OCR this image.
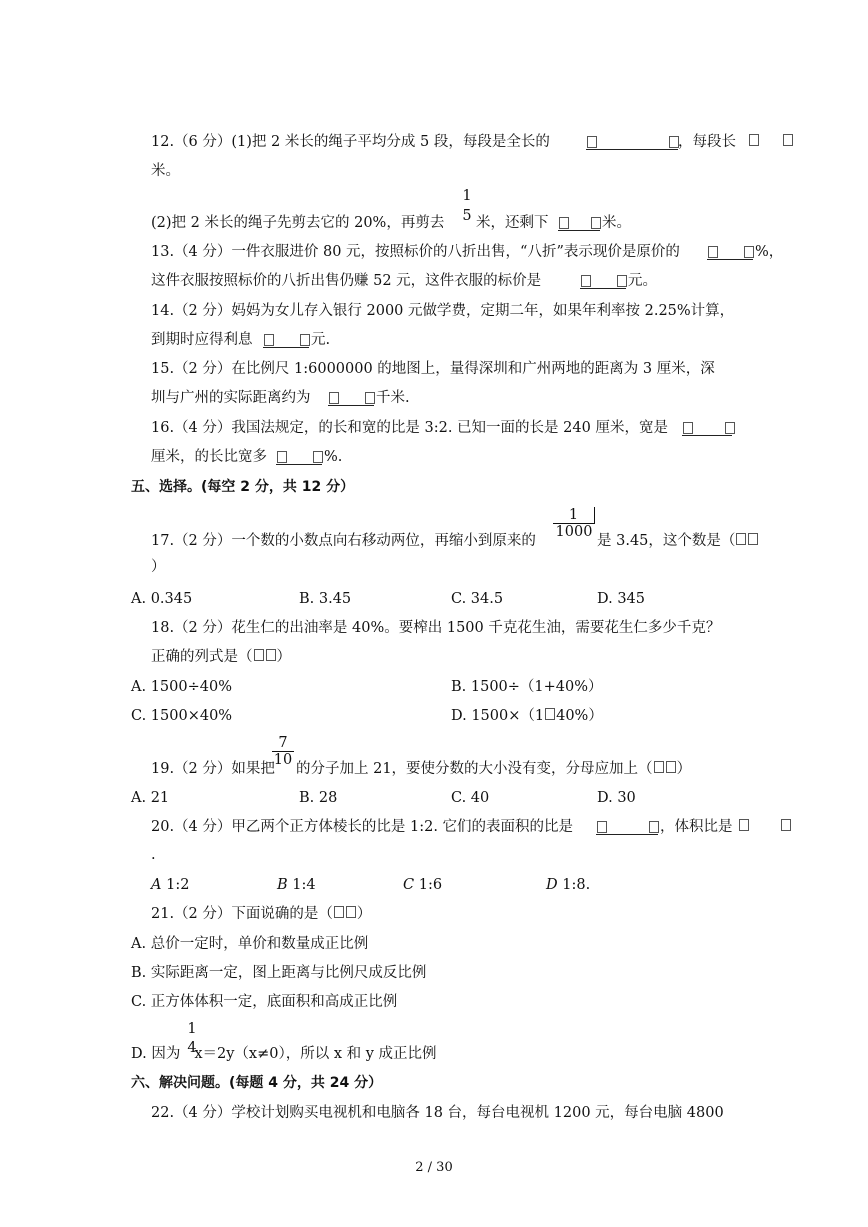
12.（6 分）(1)把 2 米长的绳子平均分成 5 段，每段是全长的	，每段长
米。
1
5
(2)把 2 米长的绳子先剪去它的 20%，再剪去 米，还剩下	米。
13.（4 分）一件衣服进价 80 元，按照标价的八折出售，“八折”表示现价是原价的	%，
这件衣服按照标价的八折出售仍赚 52 元，这件衣服的标价是	元。
14.（2 分）妈妈为女儿存入银行 2000 元做学费，定期二年，如果年利率按 2.25%计算，
到期时应得利息	元.
15.（2 分）在比例尺 1:6000000 的地图上，量得深圳和广州两地的距离为 3 厘米，深
圳与广州的实际距离约为	千米.
16.（4 分）我国法规定，的长和宽的比是 3:2. 已知一面的长是 240 厘米，宽是
厘米，的长比宽多	%.
五、选择。(每空 2 分，共 12 分）
1
1000
17.（2 分）一个数的小数点向右移动两位，再缩小到原来的	是 3.45，这个数是（
）
A. 0.345	B. 3.45	C. 34.5	D. 345
18.（2 分）花生仁的出油率是 40%。要榨出 1500 千克花生油，需要花生仁多少千克？
正确的列式是（ ）
A. 1500÷40%	B. 1500÷（1+40%）
C. 1500×40%	D. 1500×（1 40%）
7
10
19.（2 分）如果把 的分子加上 21，要使分数的大小没有变，分母应加上（ ）
A. 21	B. 28	C. 40	D. 30
20.（4 分）甲乙两个正方体棱长的比是 1:2. 它们的表面积的比是	，体积比是
.
A 1:2	B 1:4	C 1:6	D 1:8.
21.（2 分）下面说确的是（ ）
A. 总价一定时，单价和数量成正比例
B. 实际距离一定，图上距离与比例尺成反比例
C. 正方体体积一定，底面积和高成正比例
1
4
D. 因为 x＝2y（x≠0），所以 x 和 y 成正比例
六、解决问题。(每题 4 分，共 24 分）
22.（4 分）学校计划购买电视机和电脑各 18 台，每台电视机 1200 元，每台电脑 4800
2 / 30
